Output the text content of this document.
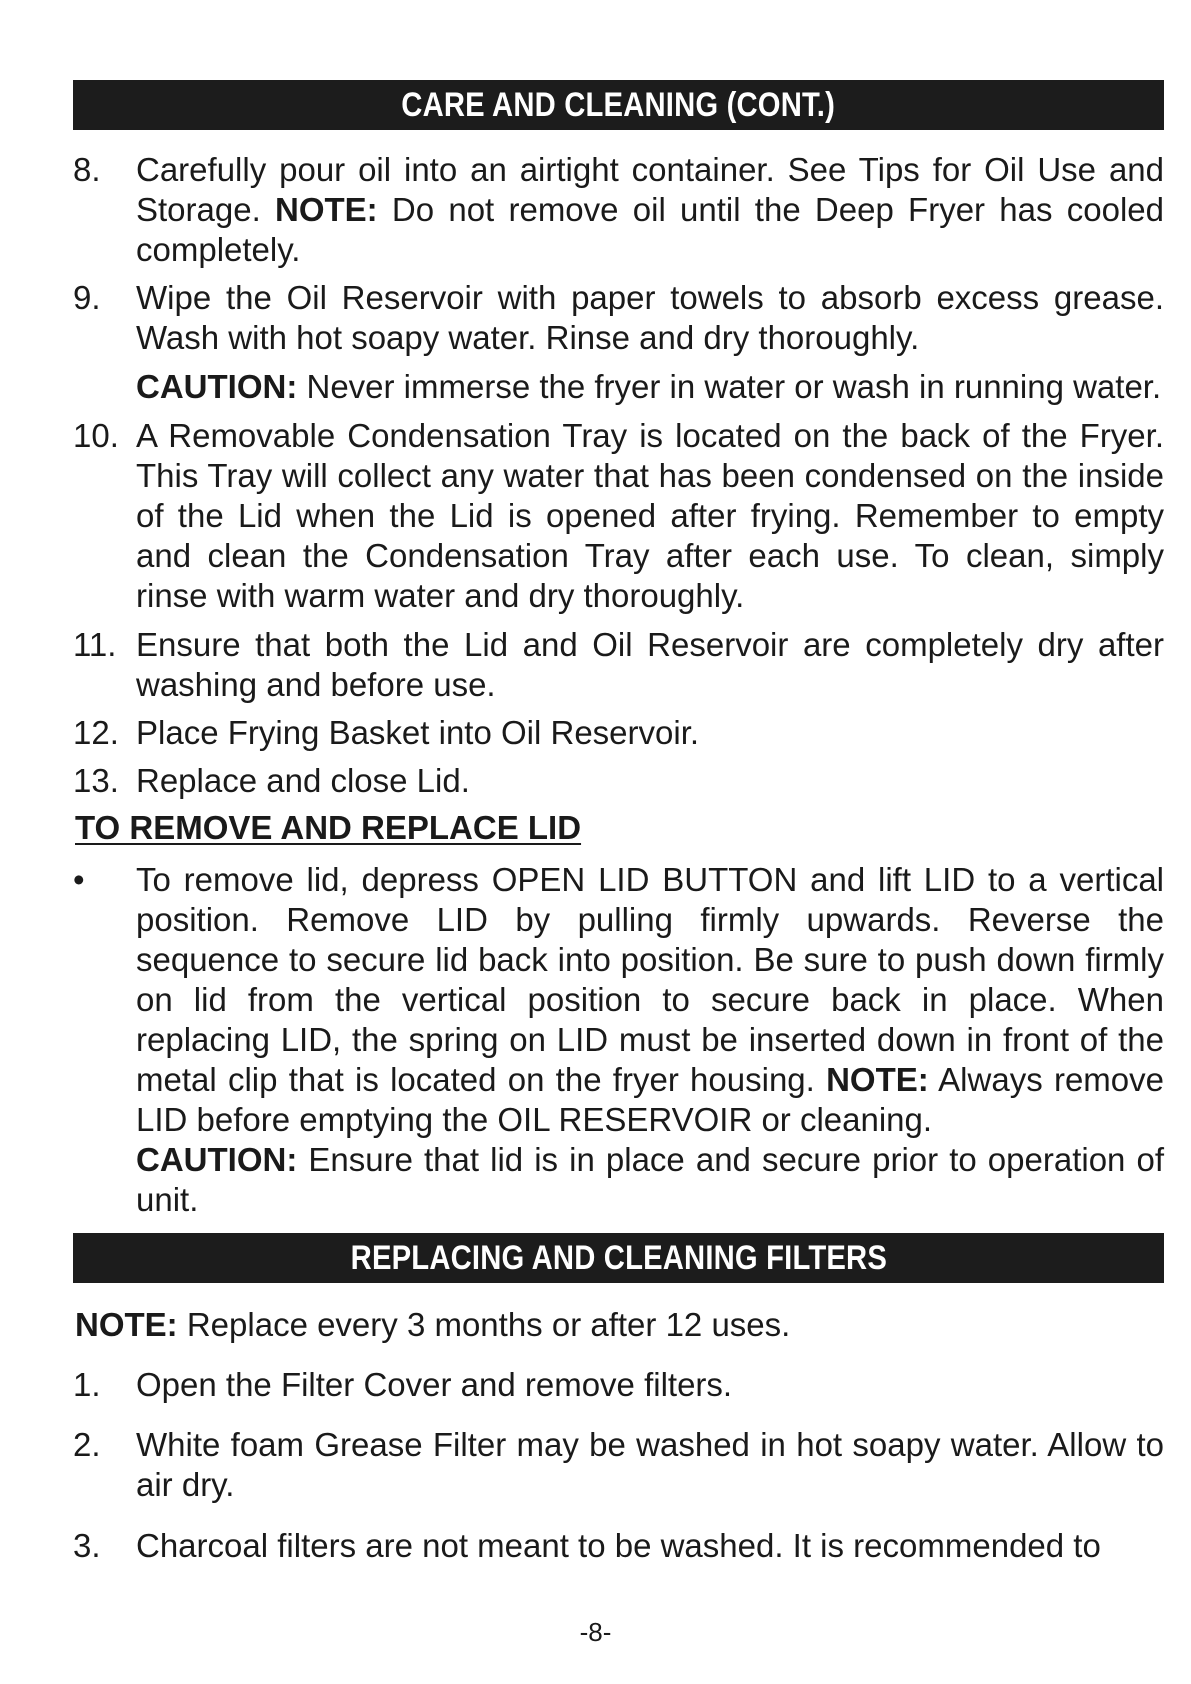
CARE AND CLEANING (CONT.)
8.	Carefully pour oil into an airtight container. See Tips for Oil Use and Storage. NOTE: Do not remove oil until the Deep Fryer has cooled completely.
9.	Wipe the Oil Reservoir with paper towels to absorb excess grease. Wash with hot soapy water. Rinse and dry thoroughly.
CAUTION: Never immerse the fryer in water or wash in running water.
10. A Removable Condensation Tray is located on the back of the Fryer. This Tray will collect any water that has been condensed on the inside of the Lid when the Lid is opened after frying. Remember to empty and clean the Condensation Tray after each use. To clean, simply rinse with warm water and dry thoroughly.
11. Ensure that both the Lid and Oil Reservoir are completely dry after washing and before use.
12. Place Frying Basket into Oil Reservoir.
13. Replace and close Lid.
TO REMOVE AND REPLACE LID
• To remove lid, depress OPEN LID BUTTON and lift LID to a vertical position. Remove LID by pulling firmly upwards. Reverse the sequence to secure lid back into position. Be sure to push down firmly on lid from the vertical position to secure back in place. When replacing LID, the spring on LID must be inserted down in front of the metal clip that is located on the fryer housing. NOTE: Always remove LID before emptying the OIL RESERVOIR or cleaning.
CAUTION: Ensure that lid is in place and secure prior to operation of unit.
REPLACING AND CLEANING FILTERS
NOTE: Replace every 3 months or after 12 uses.
1.	Open the Filter Cover and remove filters.
2.	White foam Grease Filter may be washed in hot soapy water. Allow to air dry.
3.	Charcoal filters are not meant to be washed. It is recommended to
-8-
